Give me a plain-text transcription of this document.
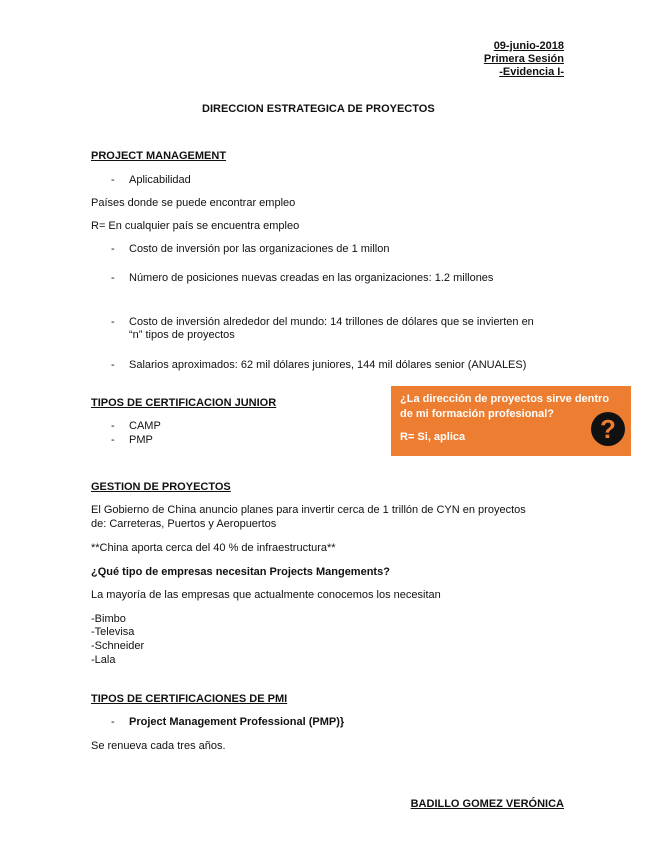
09-junio-2018
Primera Sesión
-Evidencia I-
DIRECCION ESTRATEGICA DE PROYECTOS
PROJECT MANAGEMENT
- Aplicabilidad
Países donde se puede encontrar empleo
R= En cualquier país se encuentra empleo
- Costo de inversión por las organizaciones de 1 millon
- Número de posiciones nuevas creadas en las organizaciones: 1.2 millones
- Costo de inversión alrededor del mundo: 14 trillones de dólares que se invierten en
“n” tipos de proyectos
- Salarios aproximados: 62 mil dólares juniores, 144 mil dólares senior (ANUALES)
TIPOS DE CERTIFICACION JUNIOR
- CAMP
- PMP
¿La dirección de proyectos sirve dentro
de mi formación profesional?
R= Si, aplica	?
GESTION DE PROYECTOS
El Gobierno de China anuncio planes para invertir cerca de 1 trillón de CYN en proyectos
de: Carreteras, Puertos y Aeropuertos
**China aporta cerca del 40 % de infraestructura**
¿Qué tipo de empresas necesitan Projects Mangements?
La mayoría de las empresas que actualmente conocemos los necesitan
-Bimbo
-Televisa
-Schneider
-Lala
TIPOS DE CERTIFICACIONES DE PMI
- Project Management Professional (PMP)}
Se renueva cada tres años.
BADILLO GOMEZ VERÓNICA
